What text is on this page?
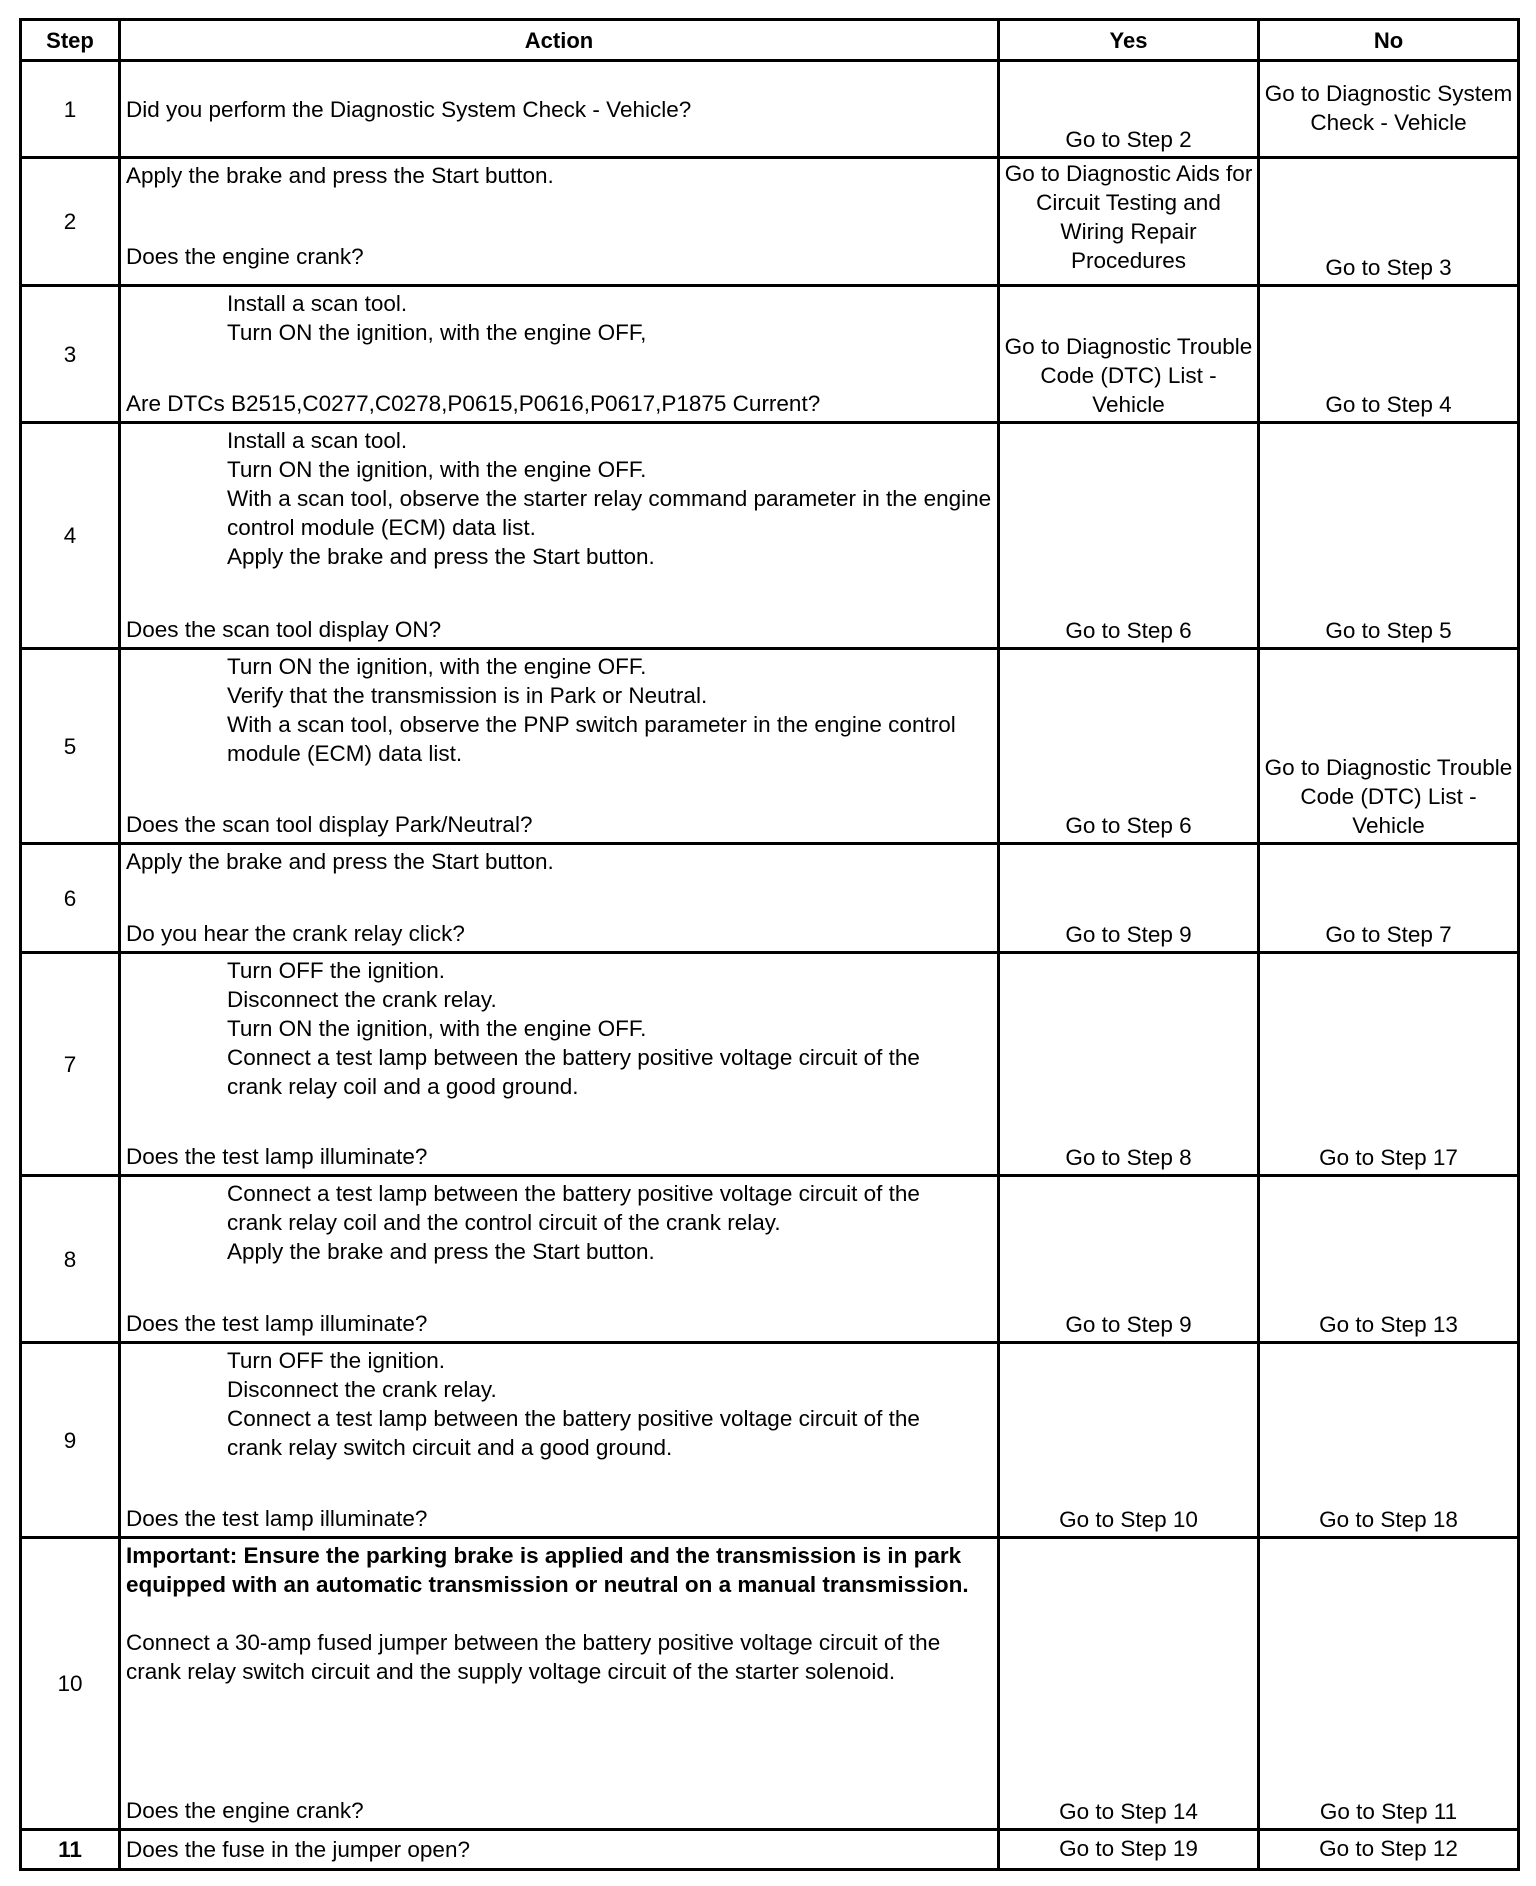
Step	Action	Yes	No
1	Did you perform the Diagnostic System Check - Vehicle?	Go to Step 2	Go to Diagnostic System Check - Vehicle
2	Apply the brake and press the Start button.
Does the engine crank?	Go to Diagnostic Aids for Circuit Testing and Wiring Repair Procedures	Go to Step 3
3	Install a scan tool.
Turn ON the ignition, with the engine OFF,
Are DTCs B2515,C0277,C0278,P0615,P0616,P0617,P1875 Current?	Go to Diagnostic Trouble Code (DTC) List - Vehicle	Go to Step 4
4	Install a scan tool.
Turn ON the ignition, with the engine OFF.
With a scan tool, observe the starter relay command parameter in the engine control module (ECM) data list.
Apply the brake and press the Start button.
Does the scan tool display ON?	Go to Step 6	Go to Step 5
5	Turn ON the ignition, with the engine OFF.
Verify that the transmission is in Park or Neutral.
With a scan tool, observe the PNP switch parameter in the engine control module (ECM) data list.
Does the scan tool display Park/Neutral?	Go to Step 6	Go to Diagnostic Trouble Code (DTC) List - Vehicle
6	Apply the brake and press the Start button.
Do you hear the crank relay click?	Go to Step 9	Go to Step 7
7	Turn OFF the ignition.
Disconnect the crank relay.
Turn ON the ignition, with the engine OFF.
Connect a test lamp between the battery positive voltage circuit of the crank relay coil and a good ground.
Does the test lamp illuminate?	Go to Step 8	Go to Step 17
8	Connect a test lamp between the battery positive voltage circuit of the crank relay coil and the control circuit of the crank relay.
Apply the brake and press the Start button.
Does the test lamp illuminate?	Go to Step 9	Go to Step 13
9	Turn OFF the ignition.
Disconnect the crank relay.
Connect a test lamp between the battery positive voltage circuit of the crank relay switch circuit and a good ground.
Does the test lamp illuminate?	Go to Step 10	Go to Step 18
10	Important: Ensure the parking brake is applied and the transmission is in park equipped with an automatic transmission or neutral on a manual transmission.
Connect a 30-amp fused jumper between the battery positive voltage circuit of the crank relay switch circuit and the supply voltage circuit of the starter solenoid.
Does the engine crank?	Go to Step 14	Go to Step 11
11	Does the fuse in the jumper open?	Go to Step 19	Go to Step 12
